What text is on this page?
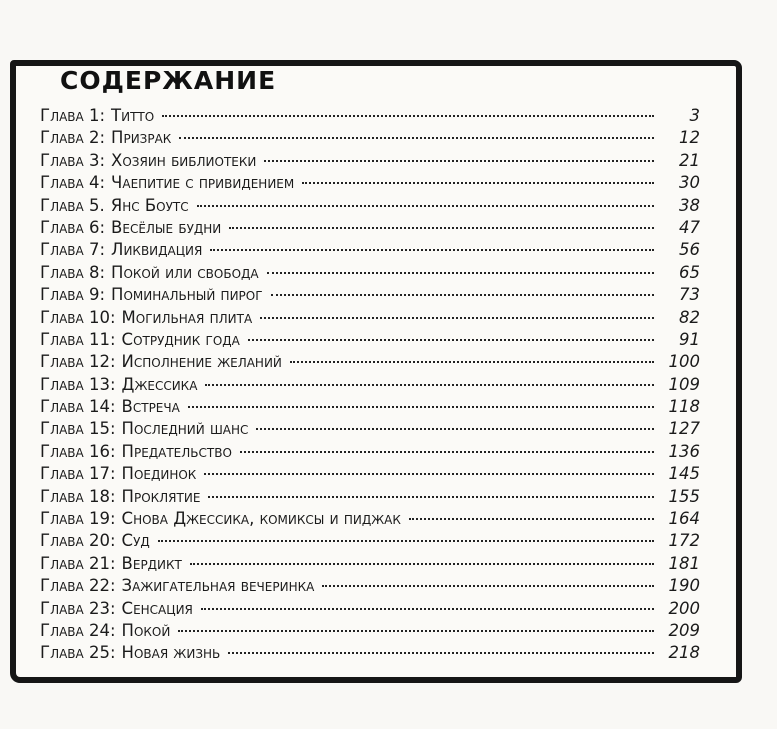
СОДЕРЖАНИЕ
Глава 1: Титто	3
Глава 2: Призрак	12
Глава 3: Хозяин библиотеки	21
Глава 4: Чаепитие с привидением	30
Глава 5. Янс Боутс	38
Глава 6: Весёлые будни	47
Глава 7: Ликвидация	56
Глава 8: Покой или свобода	65
Глава 9: Поминальный пирог	73
Глава 10: Могильная плита	82
Глава 11: Сотрудник года	91
Глава 12: Исполнение желаний	100
Глава 13: Джессика	109
Глава 14: Встреча	118
Глава 15: Последний шанс	127
Глава 16: Предательство	136
Глава 17: Поединок	145
Глава 18: Проклятие	155
Глава 19: Снова Джессика, комиксы и пиджак	164
Глава 20: Суд	172
Глава 21: Вердикт	181
Глава 22: Зажигательная вечеринка	190
Глава 23: Сенсация	200
Глава 24: Покой	209
Глава 25: Новая жизнь	218
